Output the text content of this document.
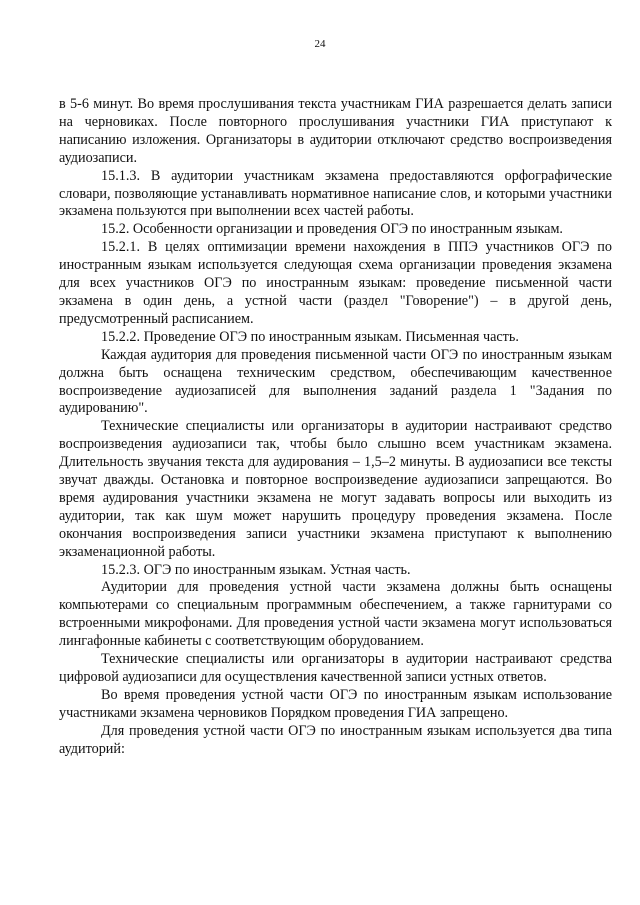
24

в 5-6 минут. Во время прослушивания текста участникам ГИА разрешается делать записи на черновиках. После повторного прослушивания участники ГИА приступают к написанию изложения. Организаторы в аудитории отключают средство воспроизведения аудиозаписи.

15.1.3. В аудитории участникам экзамена предоставляются орфографические словари, позволяющие устанавливать нормативное написание слов, и которыми участники экзамена пользуются при выполнении всех частей работы.

15.2. Особенности организации и проведения ОГЭ по иностранным языкам.

15.2.1. В целях оптимизации времени нахождения в ППЭ участников ОГЭ по иностранным языкам используется следующая схема организации проведения экзамена для всех участников ОГЭ по иностранным языкам: проведение письменной части экзамена в один день, а устной части (раздел "Говорение") – в другой день, предусмотренный расписанием.

15.2.2. Проведение ОГЭ по иностранным языкам. Письменная часть.

Каждая аудитория для проведения письменной части ОГЭ по иностранным языкам должна быть оснащена техническим средством, обеспечивающим качественное воспроизведение аудиозаписей для выполнения заданий раздела 1 "Задания по аудированию".

Технические специалисты или организаторы в аудитории настраивают средство воспроизведения аудиозаписи так, чтобы было слышно всем участникам экзамена. Длительность звучания текста для аудирования – 1,5–2 минуты. В аудиозаписи все тексты звучат дважды. Остановка и повторное воспроизведение аудиозаписи запрещаются. Во время аудирования участники экзамена не могут задавать вопросы или выходить из аудитории, так как шум может нарушить процедуру проведения экзамена. После окончания воспроизведения записи участники экзамена приступают к выполнению экзаменационной работы.

15.2.3. ОГЭ по иностранным языкам. Устная часть.

Аудитории для проведения устной части экзамена должны быть оснащены компьютерами со специальным программным обеспечением, а также гарнитурами со встроенными микрофонами. Для проведения устной части экзамена могут использоваться лингафонные кабинеты с соответствующим оборудованием.

Технические специалисты или организаторы в аудитории настраивают средства цифровой аудиозаписи для осуществления качественной записи устных ответов.

Во время проведения устной части ОГЭ по иностранным языкам использование участниками экзамена черновиков Порядком проведения ГИА запрещено.

Для проведения устной части ОГЭ по иностранным языкам используется два типа аудиторий:
